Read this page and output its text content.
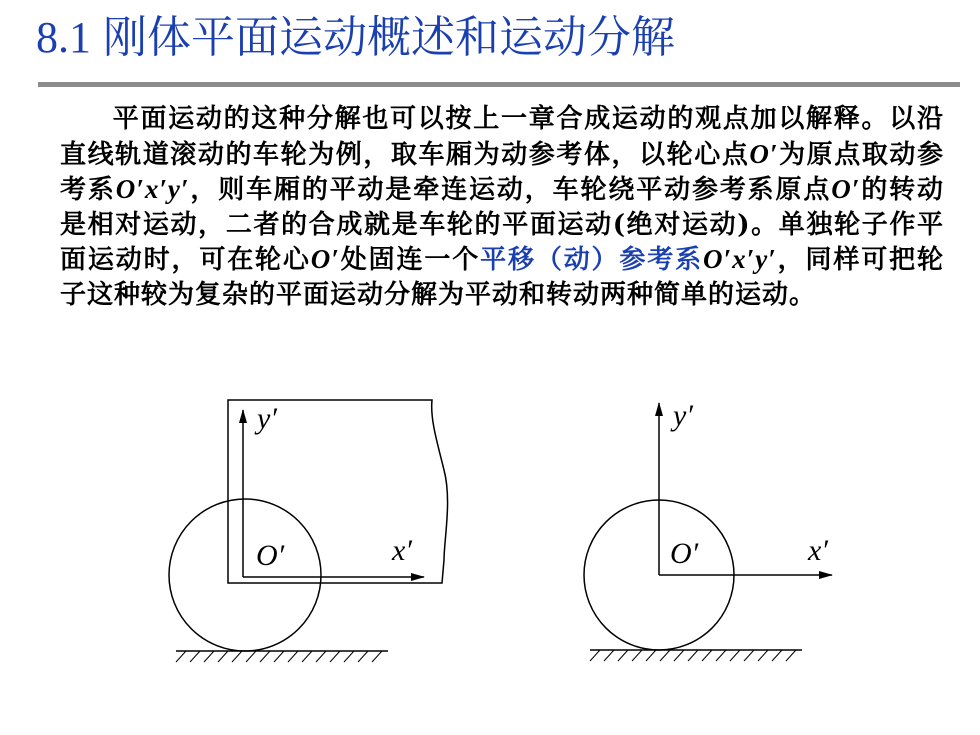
8.1 刚体平面运动概述和运动分解
平面运动的这种分解也可以按上一章合成运动的观点加以解释。以沿直线轨道滚动的车轮为例，取车厢为动参考体，以轮心点O′为原点取动参考系O′x′y′，则车厢的平动是牵连运动，车轮绕平动参考系原点O′的转动是相对运动，二者的合成就是车轮的平面运动(绝对运动)。单独轮子作平面运动时，可在轮心O′处固连一个平移（动）参考系O′x′y′，同样可把轮子这种较为复杂的平面运动分解为平动和转动两种简单的运动。
y′
x′
O′
y′
x′
O′
